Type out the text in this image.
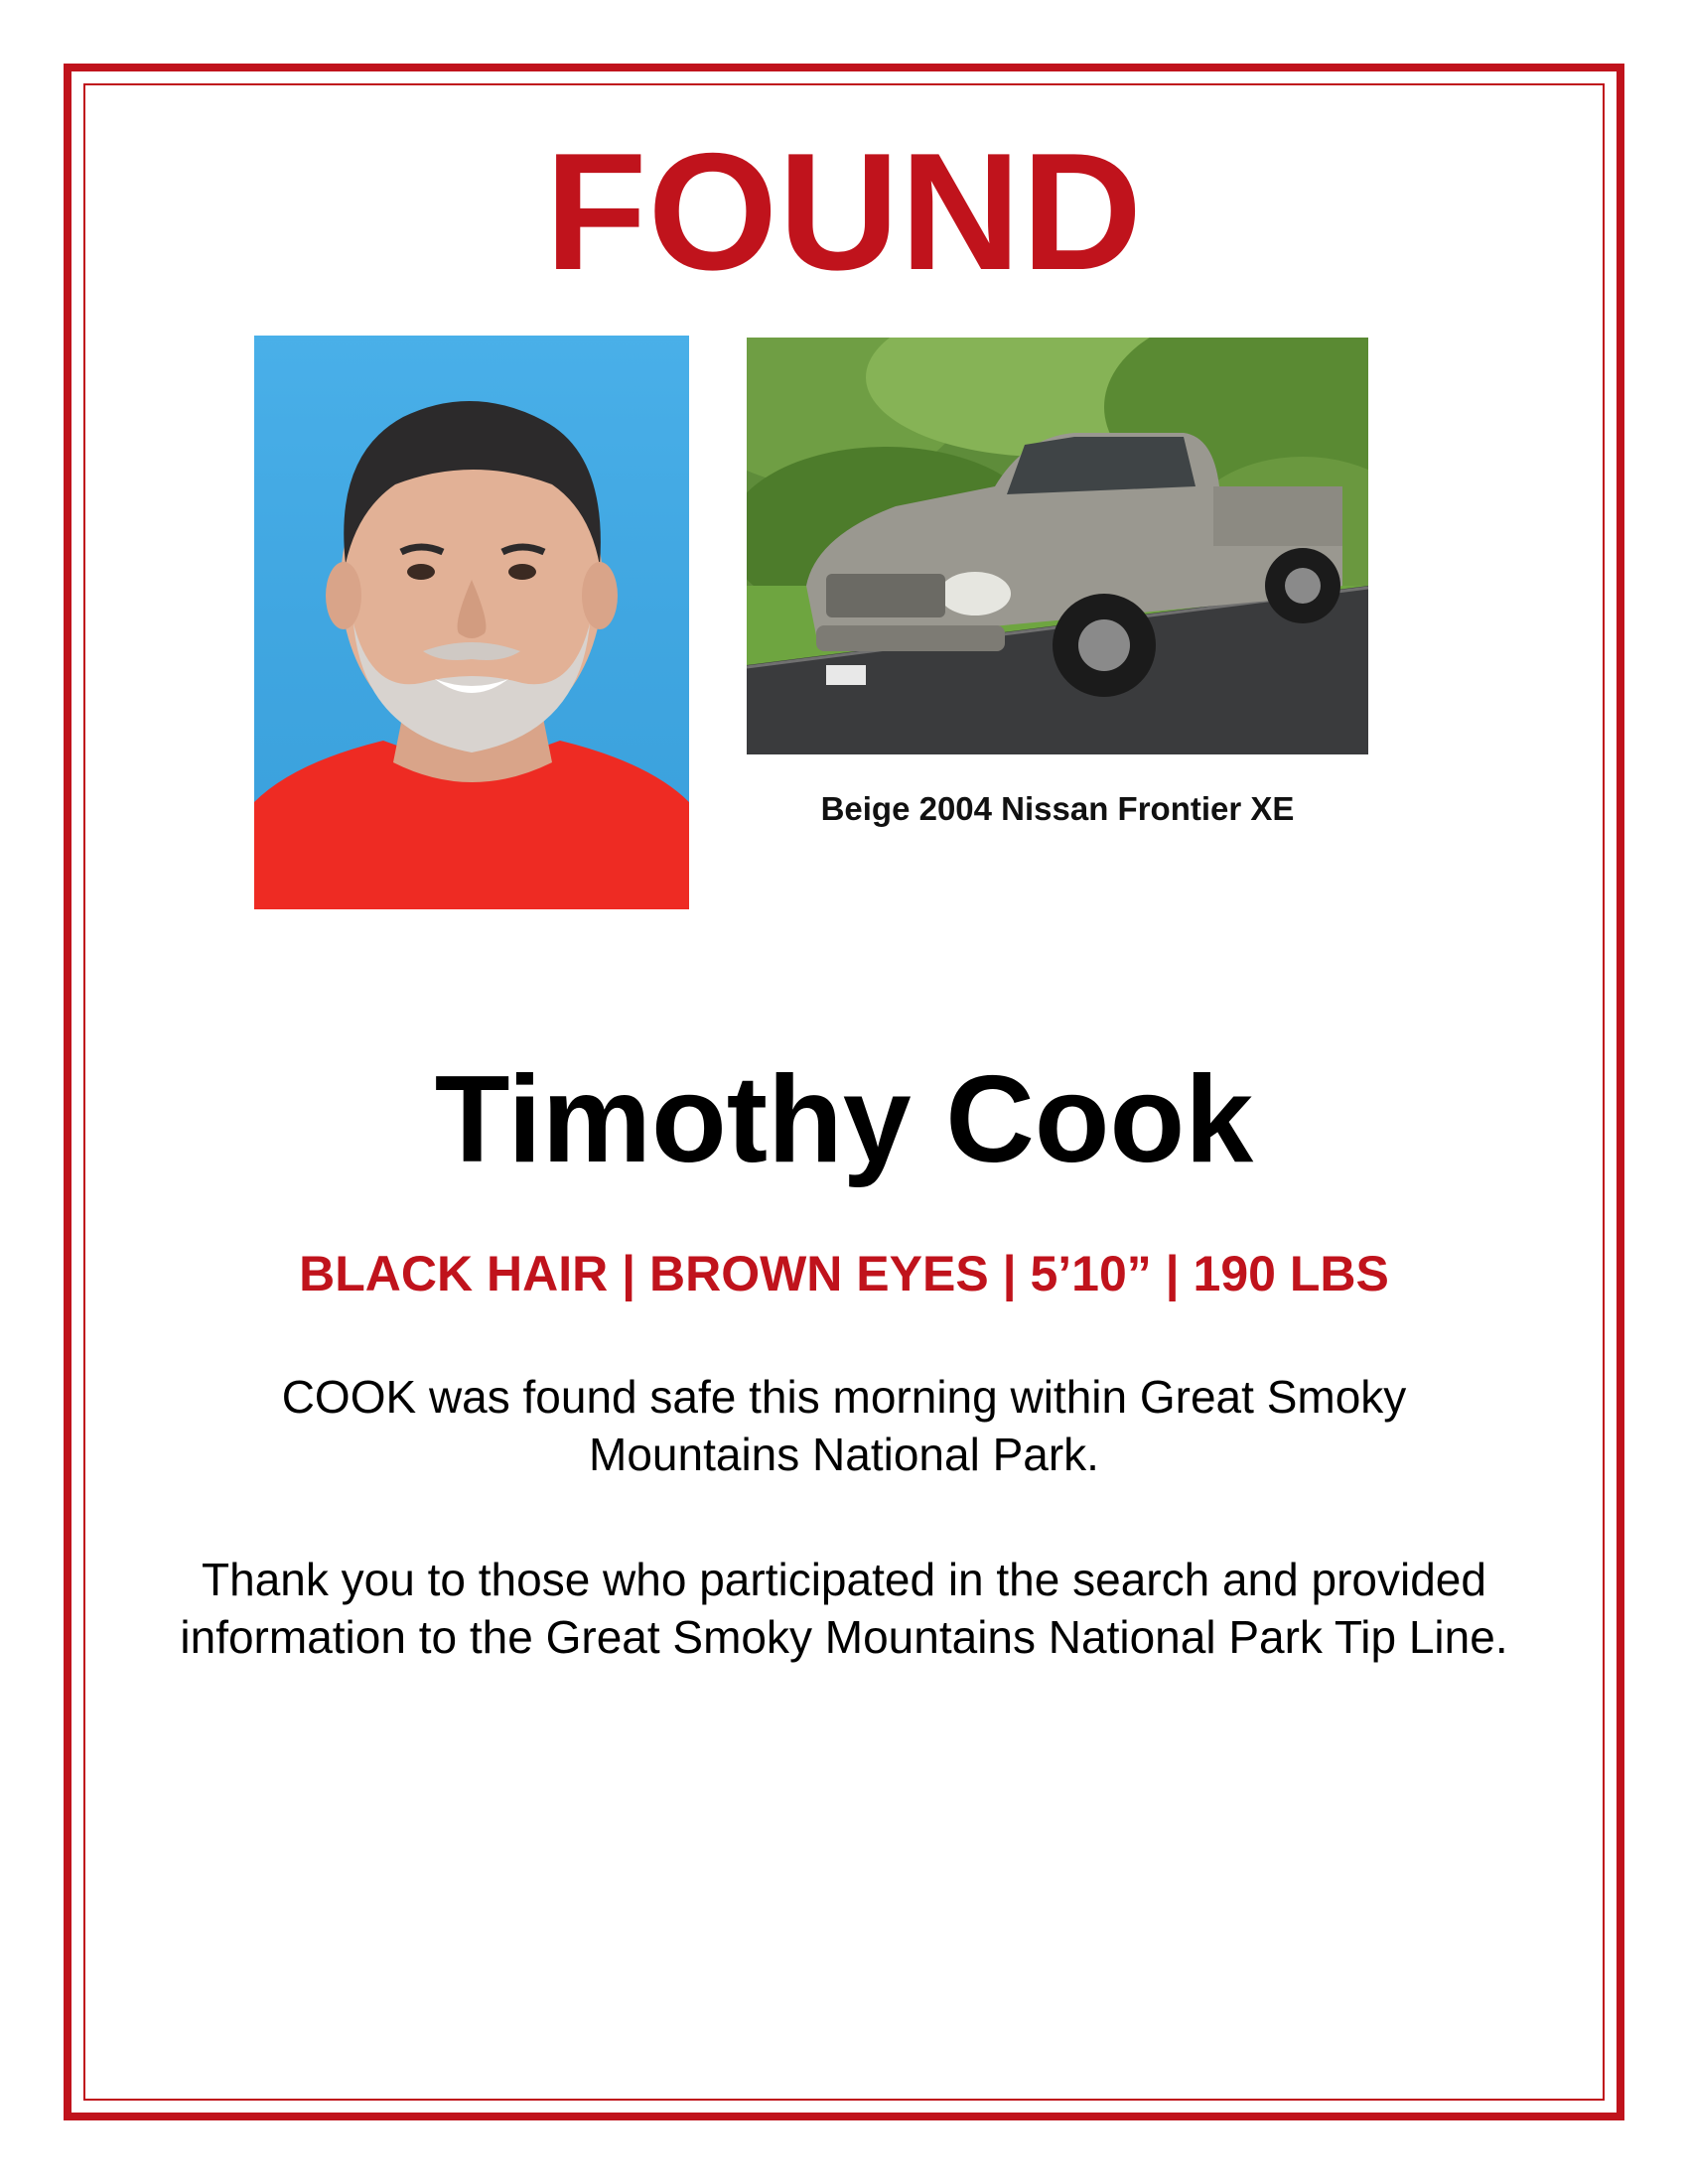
FOUND
Beige 2004 Nissan Frontier XE
Timothy Cook
BLACK HAIR | BROWN EYES | 5’10” | 190 LBS
COOK was found safe this morning within Great Smoky Mountains National Park.
Thank you to those who participated in the search and provided information to the Great Smoky Mountains National Park Tip Line.
